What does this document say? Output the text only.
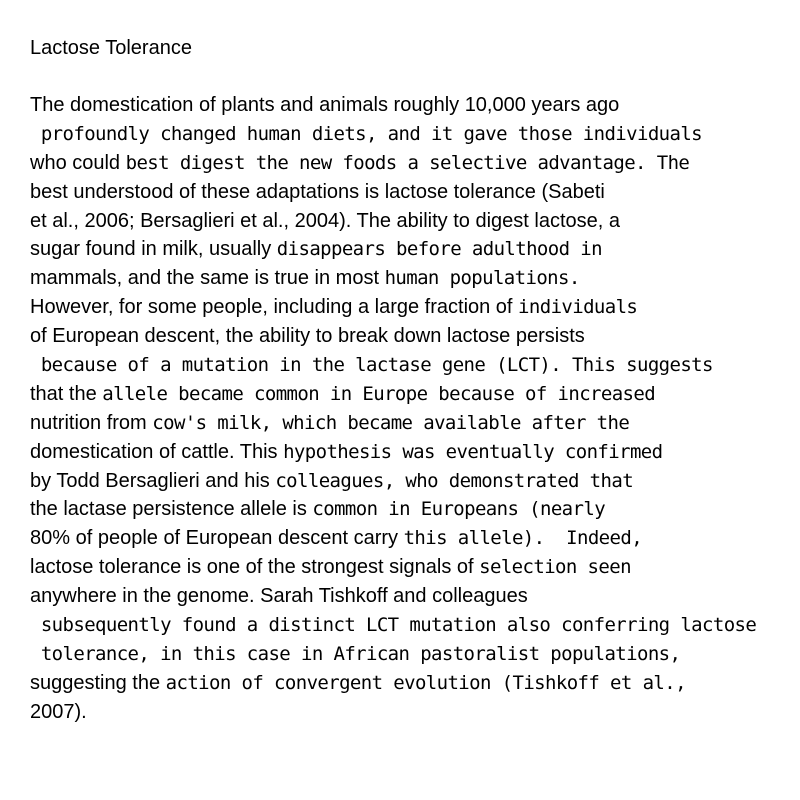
Lactose Tolerance
The domestication of plants and animals roughly 10,000 years ago
profoundly changed human diets, and it gave those individuals
who could best digest the new foods a selective advantage. The
best understood of these adaptations is lactose tolerance (Sabeti
et al., 2006; Bersaglieri et al., 2004). The ability to digest lactose, a
sugar found in milk, usually disappears before adulthood in
mammals, and the same is true in most human populations.
However, for some people, including a large fraction of individuals
of European descent, the ability to break down lactose persists
because of a mutation in the lactase gene (LCT). This suggests
that the allele became common in Europe because of increased
nutrition from cow's milk, which became available after the
domestication of cattle. This hypothesis was eventually confirmed
by Todd Bersaglieri and his colleagues, who demonstrated that
the lactase persistence allele is common in Europeans (nearly
80% of people of European descent carry this allele).  Indeed,
lactose tolerance is one of the strongest signals of selection seen
anywhere in the genome. Sarah Tishkoff and colleagues
subsequently found a distinct LCT mutation also conferring lactose
tolerance, in this case in African pastoralist populations,
suggesting the action of convergent evolution (Tishkoff et al.,
2007).
